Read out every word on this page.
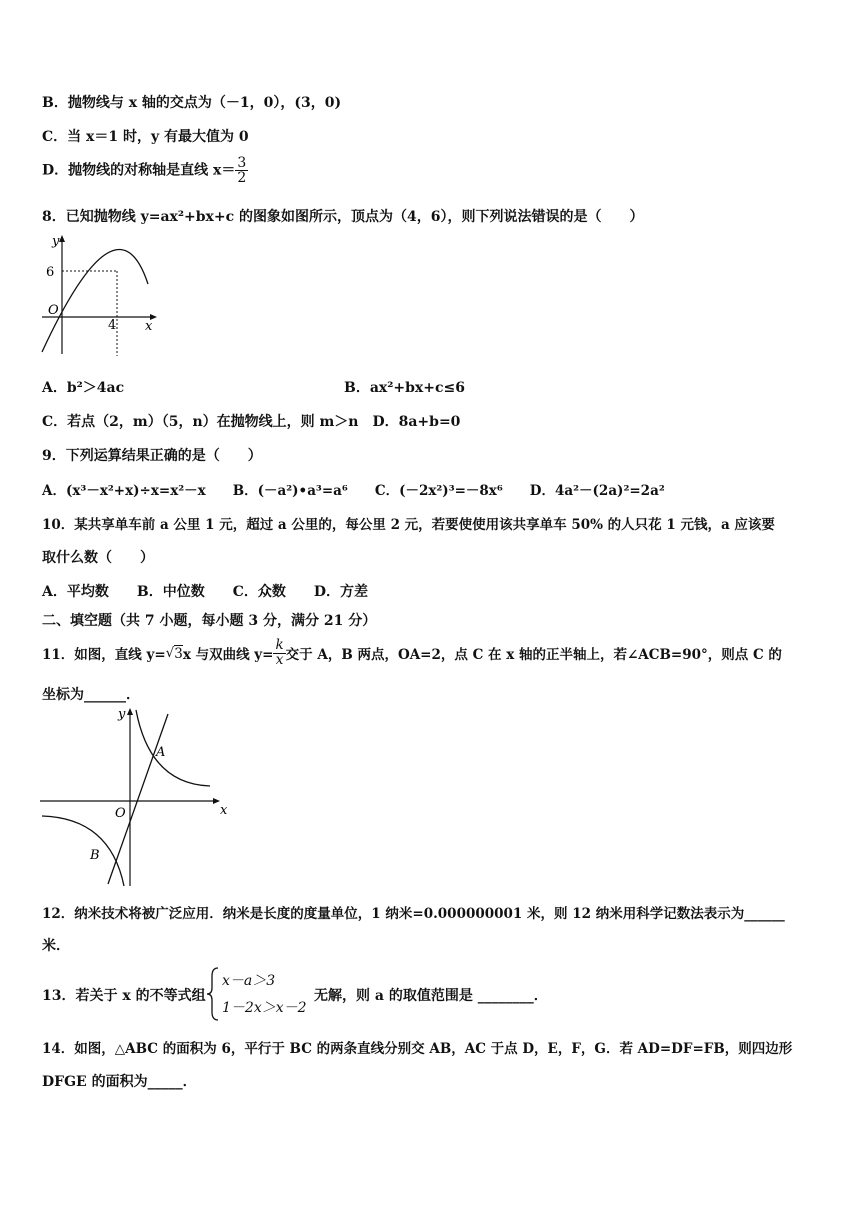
B．抛物线与 x 轴的交点为（－1，0），(3，0)
C．当 x＝1 时，y 有最大值为 0
D．抛物线的对称轴是直线 $x= \frac{3}{2}$
8．已知抛物线 y=ax²+bx+c 的图象如图所示，顶点为（4，6），则下列说法错误的是（　　）
y
6
O
4 x
A．b²＞4ac	B．ax²+bx+c≤6
C．若点（2，m）（5，n）在抛物线上，则 m＞n　D．8a+b=0
9．下列运算结果正确的是（　　）
A．(x³－x²+x)÷x=x²－x　　B．(－a²)•a³=a⁶　　C．(－2x²)³=－8x⁶　　D．4a²－(2a)²=2a²
10．某共享单车前 a 公里 1 元，超过 a 公里的，每公里 2 元，若要使使用该共享单车 50% 的人只花 1 元钱，a 应该要
取什么数（　　）
A．平均数　　B．中位数　　C．众数　　D．方差
二、填空题（共 7 小题，每小题 3 分，满分 21 分）
11．如图，直线 y= √ 3 x 与双曲线 $y= \frac{k}{x}$ 交于 A，B 两点，OA=2，点 C 在 x 轴的正半轴上，若∠ACB=90°，则点 C 的
坐标为______．
y
A
O	x
B
12．纳米技术将被广泛应用．纳米是长度的度量单位，1 纳米=0.000000001 米，则 12 纳米用科学记数法表示为______
米．
13．若关于 x 的不等式组
x－a＞3
1－2x＞x－2
无解，则 a 的取值范围是 ________．
14．如图，△ABC 的面积为 6，平行于 BC 的两条直线分别交 AB，AC 于点 D，E，F，G．若 AD=DF=FB，则四边形
DFGE 的面积为_____．
